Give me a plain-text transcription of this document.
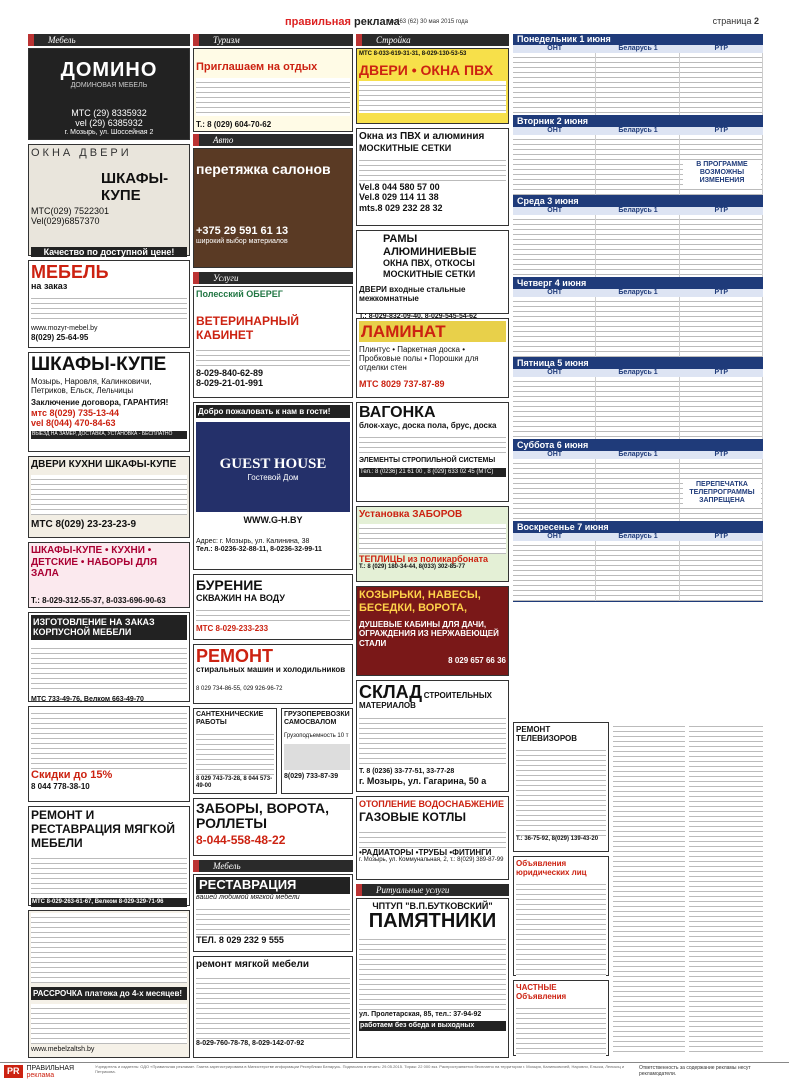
правильная реклама
№ 463 (62) 30 мая 2015 года	страница 2
Мебель
ДОМИНО
ДОМИНОВАЯ МЕБЕЛЬ
МТС (29) 8335932
vel (29) 6385932
г. Мозырь, ул. Шоссейная 2
ОКНА ДВЕРИ
ШКАФЫ-КУПЕ
МТС(029) 7522301
Vel(029)6857370
Качество по доступной цене!
МЕБЕЛЬ
на заказ
www.mozyr-mebel.by
8(029) 25-64-95
ШКАФЫ-КУПЕ
Мозырь, Наровля, Калинковичи, Петриков, Ельск, Лельчицы
Заключение договора, ГАРАНТИЯ!
мтс 8(029) 735-13-44
vel 8(044) 470-84-63
ВЫЕЗД НА ЗАМЕР, ДОСТАВКА, УСТАНОВКА - БЕСПЛАТНО
ДВЕРИ КУХНИ ШКАФЫ-КУПЕ
МТС 8(029) 23-23-23-9
ШКАФЫ-КУПЕ • КУХНИ • ДЕТСКИЕ • НАБОРЫ ДЛЯ ЗАЛА
Т.: 8-029-312-55-37, 8-033-696-90-63
ИЗГОТОВЛЕНИЕ НА ЗАКАЗ КОРПУСНОЙ МЕБЕЛИ
МТС 733-49-76, Велком 663-49-70
Скидки до 15%
8 044 778-38-10
РЕМОНТ И РЕСТАВРАЦИЯ МЯГКОЙ МЕБЕЛИ
МТС 8-029-263-61-67, Велком 8-029-329-71-96
РАССРОЧКА платежа до 4-х месяцев!
www.mebelzaltsh.by
Туризм
Приглашаем на отдых
Т.: 8 (029) 604-70-62
Авто
перетяжка салонов
+375 29 591 61 13
широкий выбор материалов
Услуги
Полесский ОБЕРЕГ
ВЕТЕРИНАРНЫЙ КАБИНЕТ
8-029-840-62-89
8-029-21-01-991
Добро пожаловать к нам в гости!
GUEST HOUSE
Гостевой Дом
WWW.G-H.BY
Адрес: г. Мозырь, ул. Калинина, 38
Тел.: 8-0236-32-88-11, 8-0236-32-99-11
БУРЕНИЕ
СКВАЖИН НА ВОДУ
МТС 8-029-233-233
РЕМОНТ
стиральных машин и холодильников
8 029 734-86-55, 029 926-96-72
САНТЕХНИЧЕСКИЕ РАБОТЫ
8 029 743-73-28, 8 044 573-49-00
ГРУЗОПЕРЕВОЗКИ САМОСВАЛОМ
Грузоподъемность 10 т
8(029) 733-87-39
ЗАБОРЫ, ВОРОТА, РОЛЛЕТЫ
8-044-558-48-22
Мебель
РЕСТАВРАЦИЯ
вашей любимой мягкой мебели
ТЕЛ. 8 029 232 9 555
ремонт мягкой мебели
8-029-760-78-78, 8-029-142-07-92
Стройка
МТС 8-033-619-31-31, 8-029-130-53-53
ДВЕРИ • ОКНА ПВХ
Окна из ПВХ и алюминия
МОСКИТНЫЕ СЕТКИ
Vel.8 044 580 57 00
Vel.8 029 114 11 38
mts.8 029 232 28 32
РАМЫ АЛЮМИНИЕВЫЕ
ОКНА ПВХ, ОТКОСЫ МОСКИТНЫЕ СЕТКИ
ДВЕРИ входные стальные межкомнатные
Т.: 8-029-832-09-40, 8-029-545-54-62
ЛАМИНАТ
Плинтус • Паркетная доска • Пробковые полы • Порошки для отделки стен
МТС 8029 737-87-89
ВАГОНКА
блок-хаус, доска пола, брус, доска
ЭЛЕМЕНТЫ СТРОПИЛЬНОЙ СИСТЕМЫ
Тел.: 8 (0236) 21 61 00 , 8 (029) 633 02 45 (МТС)
Установка ЗАБОРОВ
ТЕПЛИЦЫ из поликарбоната
Т.: 8 (029) 180-34-44, 8(033) 302-85-77
КОЗЫРЬКИ, НАВЕСЫ, БЕСЕДКИ, ВОРОТА,
ДУШЕВЫЕ КАБИНЫ ДЛЯ ДАЧИ, ОГРАЖДЕНИЯ ИЗ НЕРЖАВЕЮЩЕЙ СТАЛИ
8 029 657 66 36
СКЛАД СТРОИТЕЛЬНЫХ МАТЕРИАЛОВ
Т. 8 (0236) 33-77-51, 33-77-28
г. Мозырь, ул. Гагарина, 50 а
ОТОПЛЕНИЕ ВОДОСНАБЖЕНИЕ
ГАЗОВЫЕ КОТЛЫ
•РАДИАТОРЫ •ТРУБЫ •ФИТИНГИ
г. Мозырь, ул. Коммунальная, 2, т.: 8(029) 389-87-99
Ритуальные услуги
ЧПТУП "В.П.БУТКОВСКИЙ"
ПАМЯТНИКИ
ул. Пролетарская, 85, тел.: 37-94-92
работаем без обеда и выходных
Понедельник 1 июня
ОНТ	Беларусь 1	РТР
Вторник 2 июня
ОНТ	Беларусь 1	РТР
В ПРОГРАММЕ ВОЗМОЖНЫ ИЗМЕНЕНИЯ
Среда 3 июня
ОНТ	Беларусь 1	РТР
Четверг 4 июня
ОНТ	Беларусь 1	РТР
Пятница 5 июня
ОНТ	Беларусь 1	РТР
Суббота 6 июня
ОНТ	Беларусь 1	РТР
ПЕРЕПЕЧАТКА ТЕЛЕПРОГРАММЫ ЗАПРЕЩЕНА
Воскресенье 7 июня
ОНТ	Беларусь 1	РТР
РЕМОНТ ТЕЛЕВИЗОРОВ
Т.: 36-75-92, 8(029) 139-43-20
Объявления юридических лиц
ЧАСТНЫЕ Объявления
PR	ПРАВИЛЬНАЯ
реклама
Учредитель и издатель: ОДО «Правильная реклама». Газета зарегистрирована в Министерстве информации Республики Беларусь. Подписано в печать: 29.05.2015. Тираж: 22 000 экз. Распространяется бесплатно на территории г. Мозыря, Калинковичей, Наровли, Ельска, Лельчиц и Петрикова.
Ответственность за содержание рекламы несут рекламодатели.
